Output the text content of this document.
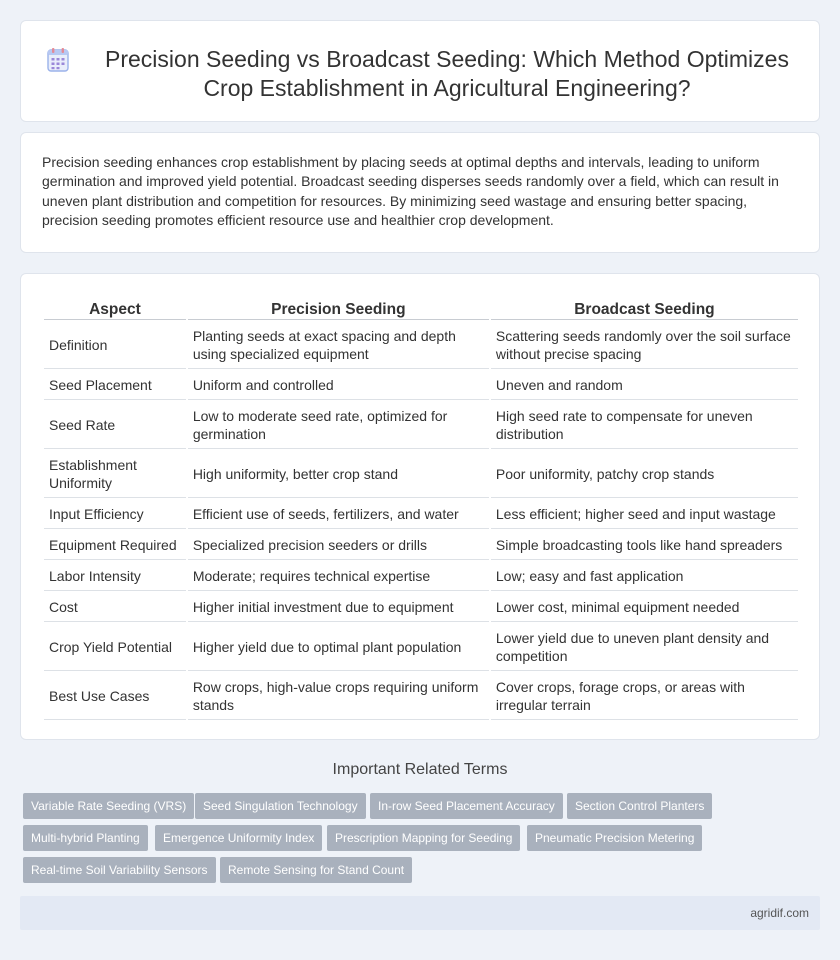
Precision Seeding vs Broadcast Seeding: Which Method Optimizes Crop Establishment in Agricultural Engineering?

Precision seeding enhances crop establishment by placing seeds at optimal depths and intervals, leading to uniform germination and improved yield potential. Broadcast seeding disperses seeds randomly over a field, which can result in uneven plant distribution and competition for resources. By minimizing seed wastage and ensuring better spacing, precision seeding promotes efficient resource use and healthier crop development.

Aspect	Precision Seeding	Broadcast Seeding
Definition	Planting seeds at exact spacing and depth using specialized equipment	Scattering seeds randomly over the soil surface without precise spacing
Seed Placement	Uniform and controlled	Uneven and random
Seed Rate	Low to moderate seed rate, optimized for germination	High seed rate to compensate for uneven distribution
Establishment Uniformity	High uniformity, better crop stand	Poor uniformity, patchy crop stands
Input Efficiency	Efficient use of seeds, fertilizers, and water	Less efficient; higher seed and input wastage
Equipment Required	Specialized precision seeders or drills	Simple broadcasting tools like hand spreaders
Labor Intensity	Moderate; requires technical expertise	Low; easy and fast application
Cost	Higher initial investment due to equipment	Lower cost, minimal equipment needed
Crop Yield Potential	Higher yield due to optimal plant population	Lower yield due to uneven plant density and competition
Best Use Cases	Row crops, high-value crops requiring uniform stands	Cover crops, forage crops, or areas with irregular terrain
Important Related Terms
Variable Rate Seeding (VRS)	Seed Singulation Technology	In-row Seed Placement Accuracy	Section Control Planters
Multi-hybrid Planting	Emergence Uniformity Index	Prescription Mapping for Seeding	Pneumatic Precision Metering
Real-time Soil Variability Sensors	Remote Sensing for Stand Count
agridif.com
